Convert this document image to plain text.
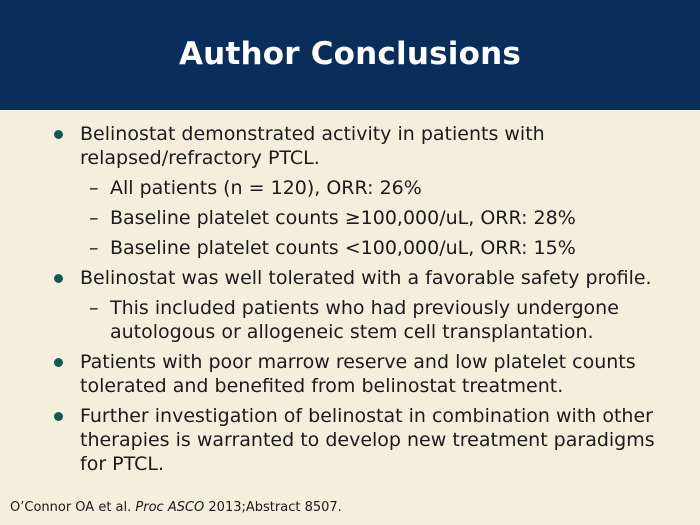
Author Conclusions
Belinostat demonstrated activity in patients with relapsed/refractory PTCL.
– All patients (n = 120), ORR: 26%
– Baseline platelet counts ≥100,000/uL, ORR: 28%
– Baseline platelet counts <100,000/uL, ORR: 15%
Belinostat was well tolerated with a favorable safety profile.
– This included patients who had previously undergone autologous or allogeneic stem cell transplantation.
Patients with poor marrow reserve and low platelet counts tolerated and benefited from belinostat treatment.
Further investigation of belinostat in combination with other therapies is warranted to develop new treatment paradigms for PTCL.
O’Connor OA et al. Proc ASCO 2013;Abstract 8507.
